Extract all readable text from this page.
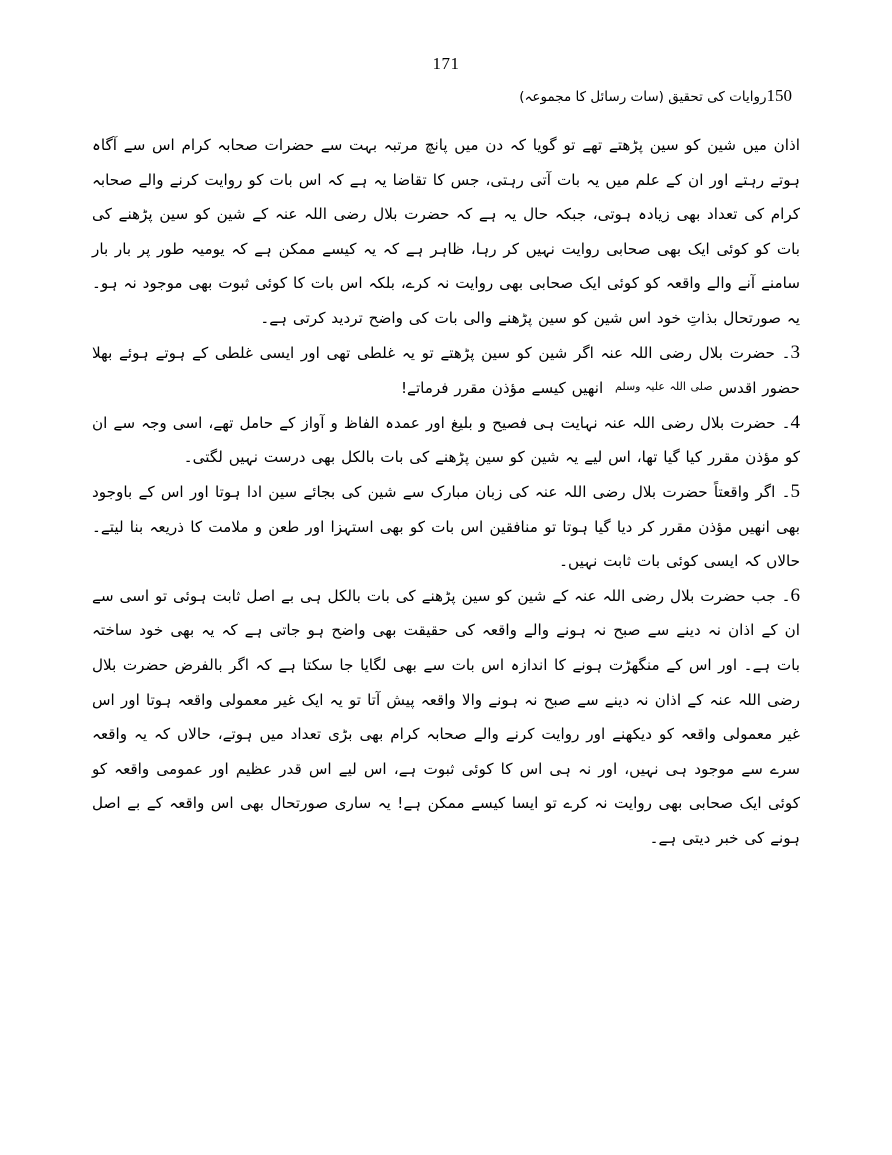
171
150روایات کی تحقیق (سات رسائل کا مجموعہ)

اذان میں شین کو سین پڑھتے تھے تو گویا کہ دن میں پانچ مرتبہ بہت سے حضرات صحابہ کرام اس سے آگاہ ہوتے رہتے اور ان کے علم میں یہ بات آتی رہتی، جس کا تقاضا یہ ہے کہ اس بات کو روایت کرنے والے صحابہ کرام کی تعداد بھی زیادہ ہوتی، جبکہ حال یہ ہے کہ حضرت بلال رضی اللہ عنہ کے شین کو سین پڑھنے کی بات کو کوئی ایک بھی صحابی روایت نہیں کر رہا، ظاہر ہے کہ یہ کیسے ممکن ہے کہ یومیہ طور پر بار بار سامنے آنے والے واقعہ کو کوئی ایک صحابی بھی روایت نہ کرے، بلکہ اس بات کا کوئی ثبوت بھی موجود نہ ہو۔ یہ صورتحال بذاتِ خود اس شین کو سین پڑھنے والی بات کی واضح تردید کرتی ہے۔

3۔ حضرت بلال رضی اللہ عنہ اگر شین کو سین پڑھتے تو یہ غلطی تھی اور ایسی غلطی کے ہوتے ہوئے بھلا حضور اقدس صلی اللہ علیہ وسلم انھیں کیسے مؤذن مقرر فرماتے!

4۔ حضرت بلال رضی اللہ عنہ نہایت ہی فصیح و بلیغ اور عمدہ الفاظ و آواز کے حامل تھے، اسی وجہ سے ان کو مؤذن مقرر کیا گیا تھا، اس لیے یہ شین کو سین پڑھنے کی بات بالکل بھی درست نہیں لگتی۔

5۔ اگر واقعتاً حضرت بلال رضی اللہ عنہ کی زبان مبارک سے شین کی بجائے سین ادا ہوتا اور اس کے باوجود بھی انھیں مؤذن مقرر کر دیا گیا ہوتا تو منافقین اس بات کو بھی استہزا اور طعن و ملامت کا ذریعہ بنا لیتے۔ حالاں کہ ایسی کوئی بات ثابت نہیں۔

6۔ جب حضرت بلال رضی اللہ عنہ کے شین کو سین پڑھنے کی بات بالکل ہی بے اصل ثابت ہوئی تو اسی سے ان کے اذان نہ دینے سے صبح نہ ہونے والے واقعہ کی حقیقت بھی واضح ہو جاتی ہے کہ یہ بھی خود ساختہ بات ہے۔ اور اس کے منگھڑت ہونے کا اندازہ اس بات سے بھی لگایا جا سکتا ہے کہ اگر بالفرض حضرت بلال رضی اللہ عنہ کے اذان نہ دینے سے صبح نہ ہونے والا واقعہ پیش آتا تو یہ ایک غیر معمولی واقعہ ہوتا اور اس غیر معمولی واقعہ کو دیکھنے اور روایت کرنے والے صحابہ کرام بھی بڑی تعداد میں ہوتے، حالاں کہ یہ واقعہ سرے سے موجود ہی نہیں، اور نہ ہی اس کا کوئی ثبوت ہے، اس لیے اس قدر عظیم اور عمومی واقعہ کو کوئی ایک صحابی بھی روایت نہ کرے تو ایسا کیسے ممکن ہے! یہ ساری صورتحال بھی اس واقعہ کے بے اصل ہونے کی خبر دیتی ہے۔
